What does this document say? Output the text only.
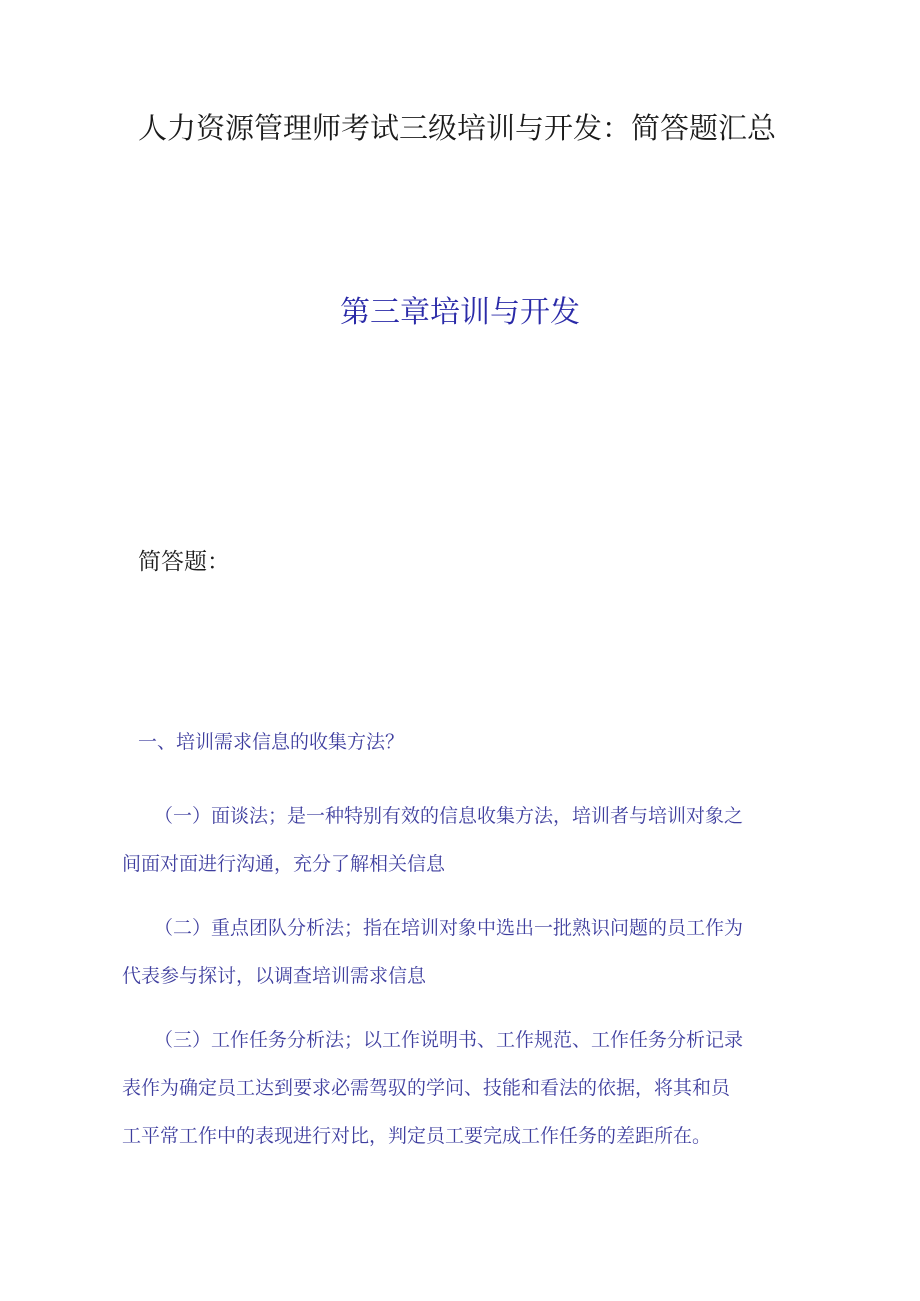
人力资源管理师考试三级培训与开发：简答题汇总
第三章培训与开发
简答题：
一、培训需求信息的收集方法？
（一）面谈法；是一种特别有效的信息收集方法，培训者与培训对象之
间面对面进行沟通，充分了解相关信息
（二）重点团队分析法；指在培训对象中选出一批熟识问题的员工作为
代表参与探讨，以调查培训需求信息
（三）工作任务分析法；以工作说明书、工作规范、工作任务分析记录
表作为确定员工达到要求必需驾驭的学问、技能和看法的依据，将其和员
工平常工作中的表现进行对比，判定员工要完成工作任务的差距所在。
